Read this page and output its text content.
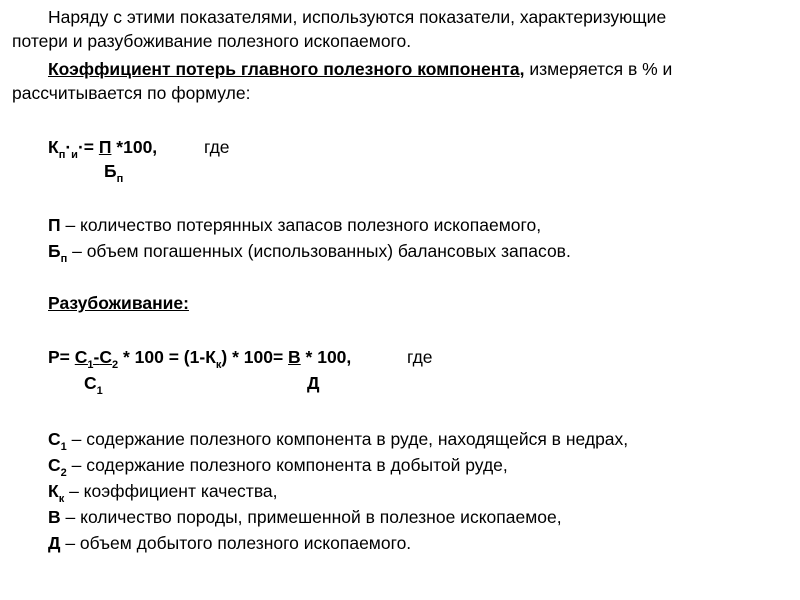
Наряду с этими показателями, используются показатели, характеризующие
потери и разубоживание полезного ископаемого.
Коэффициент потерь главного полезного компонента, измеряется в % и
рассчитывается по формуле:
$К_п\cdot_и\cdot= П$ *100,	где
$Б_п$
П – количество потерянных запасов полезного ископаемого,
$Б_п$ – объем погашенных (использованных) балансовых запасов.
Разубоживание:
$Р= С_1-С_2 * 100 = (1-К_к) * 100= В * 100$,	где
$С_1$	Д
$С_1$ – содержание полезного компонента в руде, находящейся в недрах,
$С_2$ – содержание полезного компонента в добытой руде,
$К_к$ – коэффициент качества,
В – количество породы, примешенной в полезное ископаемое,
Д – объем добытого полезного ископаемого.
